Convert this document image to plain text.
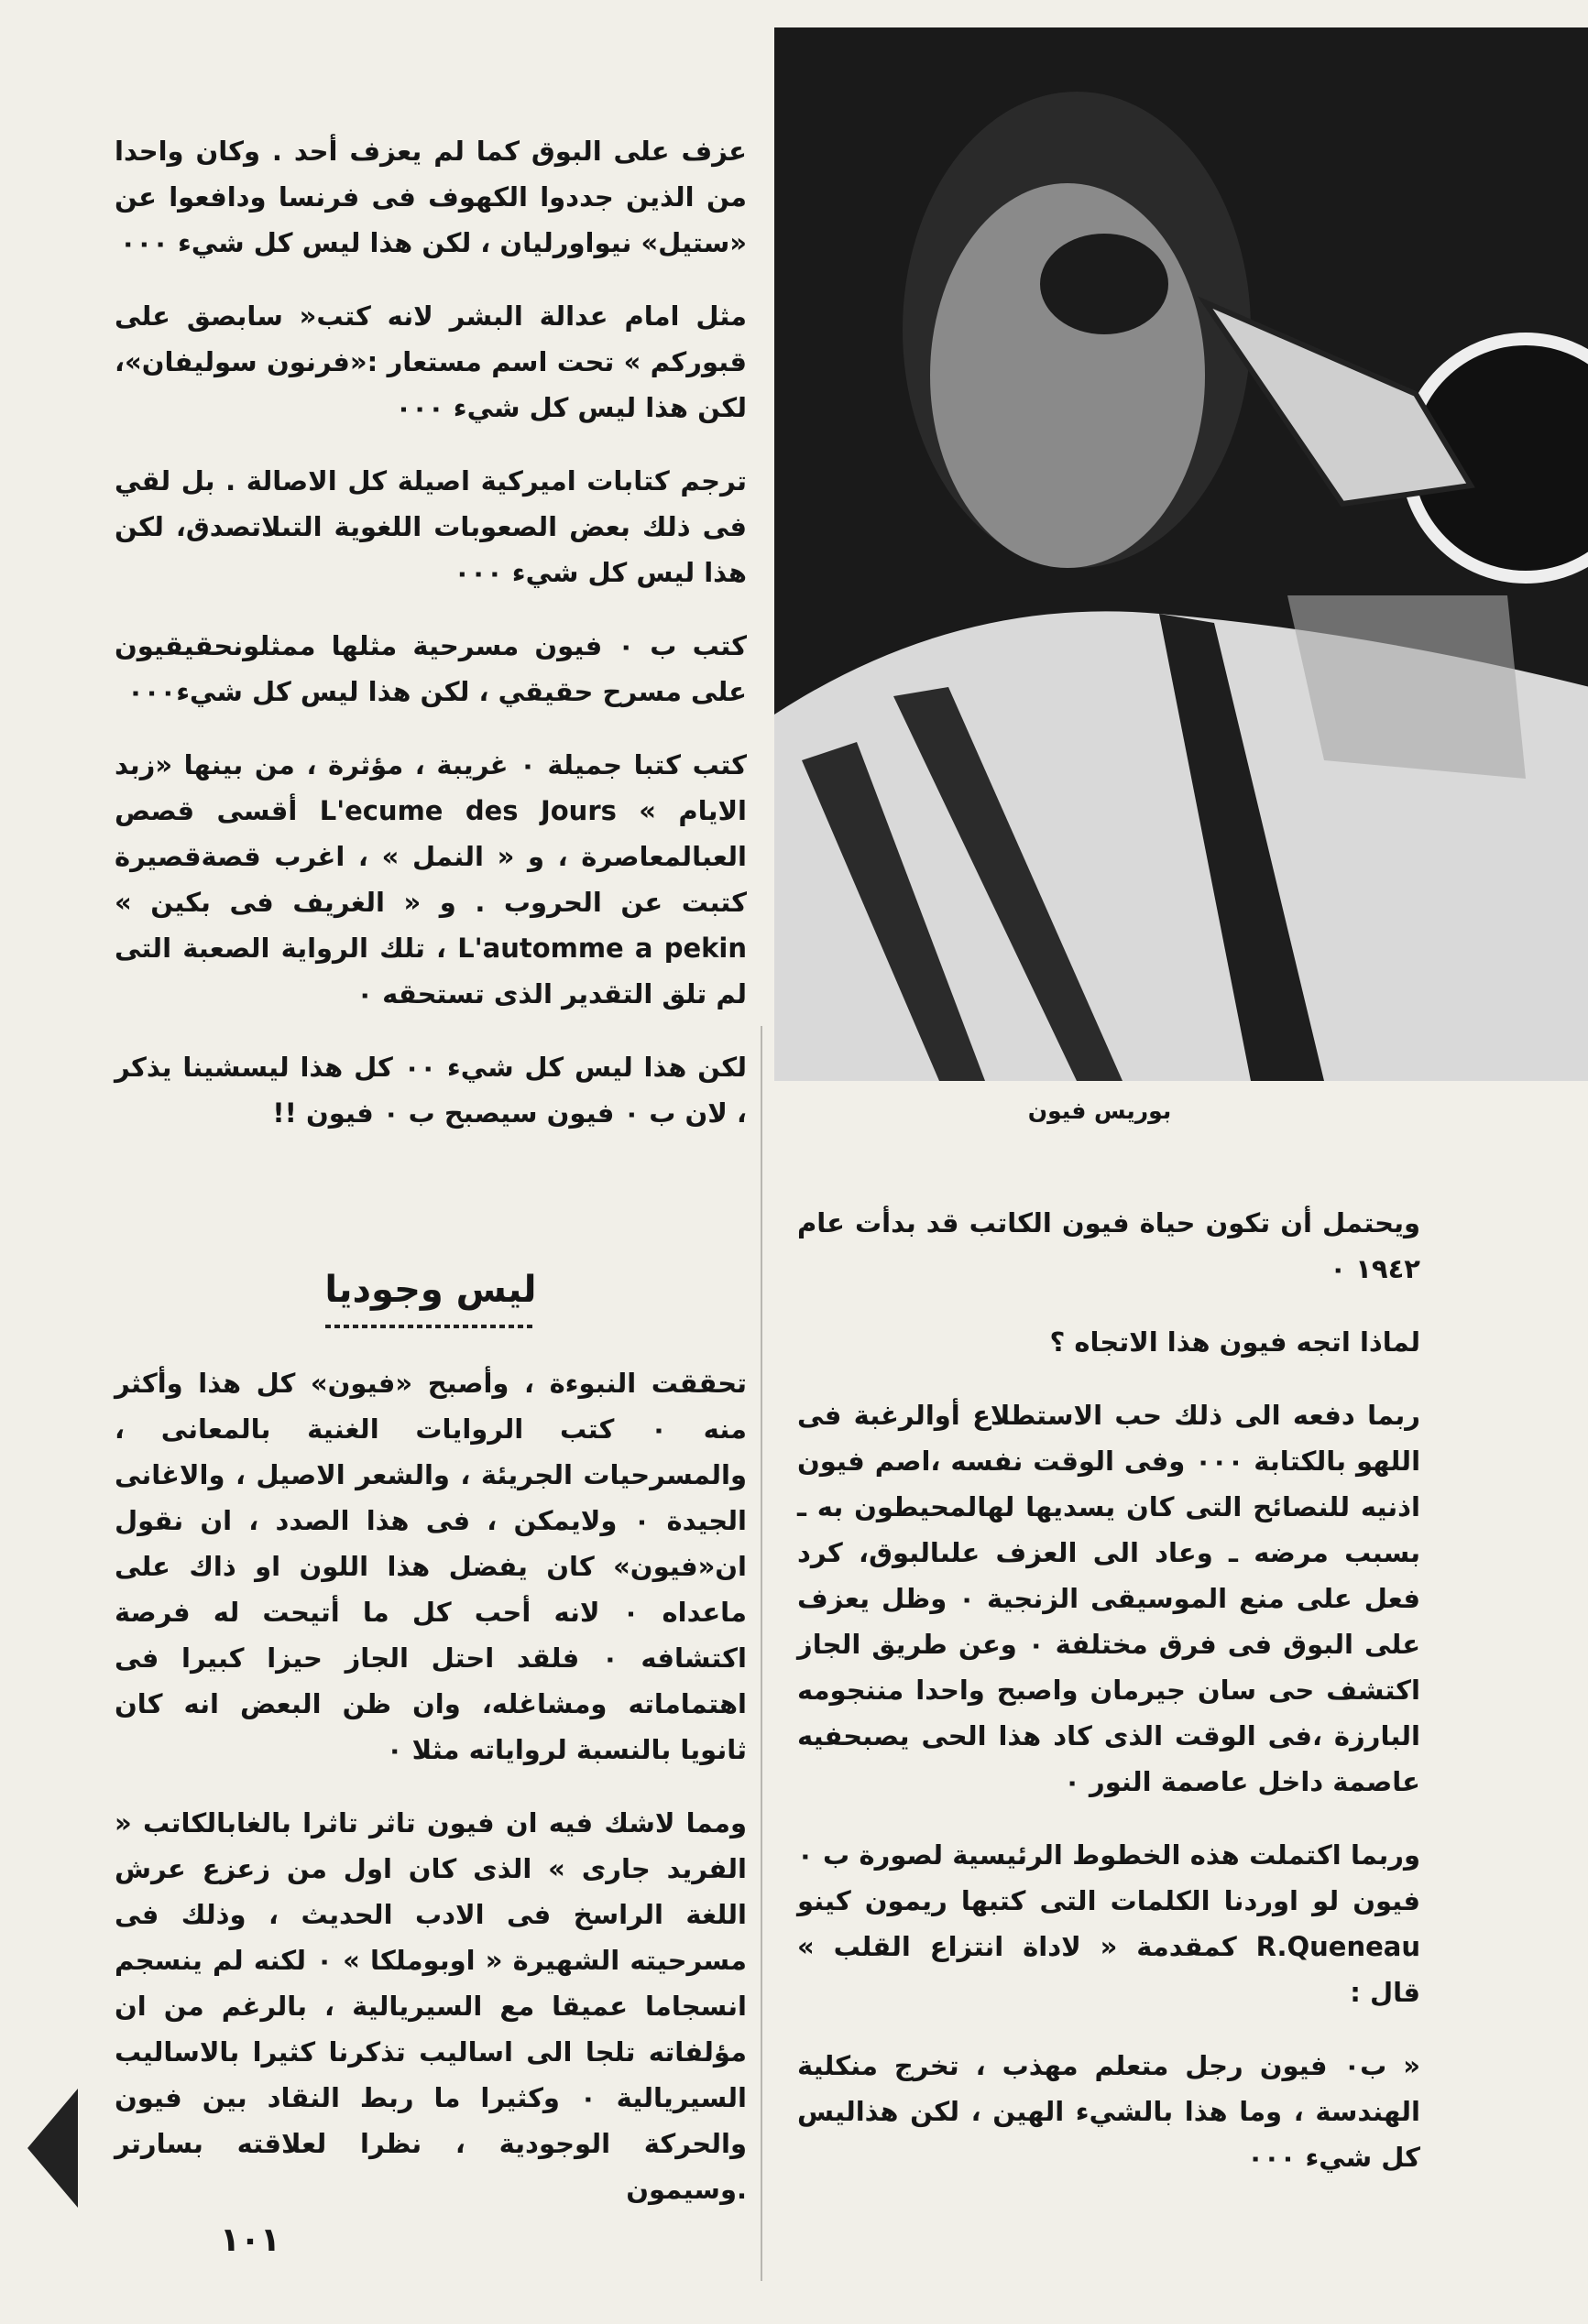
بوريس فيون

عزف على البوق كما لم يعزف أحد . وكان واحدا من الذين جددوا الكهوف فى فرنسا ودافعوا عن «ستيل» نيواورليان ، لكن هذا ليس كل شيء ٠٠٠

مثل امام عدالة البشر لانه كتب« سابصق على قبوركم » تحت اسم مستعار :«فرنون سوليفان»، لكن هذا ليس كل شيء ٠٠٠

ترجم كتابات اميركية اصيلة كل الاصالة . بل لقي فى ذلك بعض الصعوبات اللغوية التىلاتصدق، لكن هذا ليس كل شيء ٠٠٠

كتب ب ٠ فيون مسرحية مثلها ممثلونحقيقيون على مسرح حقيقي ، لكن هذا ليس كل شيء٠٠٠

كتب كتبا جميلة ٠ غريبة ، مؤثرة ، من بينها «زبد الايام » L'ecume des Jours أقسى قصص العبالمعاصرة ، و « النمل » ، اغرب قصةقصيرة كتبت عن الحروب . و « الغريف فى بكين » L'automme a pekin ، تلك الرواية الصعبة التى لم تلق التقدير الذى تستحقه ٠

لكن هذا ليس كل شيء ٠٠ كل هذا ليسشينا يذكر ، لان ب ٠ فيون سيصبح ب ٠ فيون !!

ليس وجوديا

تحققت النبوءة ، وأصبح «فيون» كل هذا وأكثر منه ٠ كتب الروايات الغنية بالمعانى ، والمسرحيات الجريئة ، والشعر الاصيل ، والاغانى الجيدة ٠ ولايمكن ، فى هذا الصدد ، ان نقول ان«فيون» كان يفضل هذا اللون او ذاك على ماعداه ٠ لانه أحب كل ما أتيحت له فرصة اكتشافه ٠ فلقد احتل الجاز حيزا كبيرا فى اهتماماته ومشاغله، وان ظن البعض انه كان ثانويا بالنسبة لرواياته مثلا ٠

ومما لاشك فيه ان فيون تاثر تاثرا بالغابالكاتب « الفريد جارى » الذى كان اول من زعزع عرش اللغة الراسخ فى الادب الحديث ، وذلك فى مسرحيته الشهيرة « اوبوملكا » ٠ لكنه لم ينسجم انسجاما عميقا مع السيريالية ، بالرغم من ان مؤلفاته تلجا الى اساليب تذكرنا كثيرا بالاساليب السيريالية ٠ وكثيرا ما ربط النقاد بين فيون والحركة الوجودية ، نظرا لعلاقته بسارتر .وسيمون

ويحتمل أن تكون حياة فيون الكاتب قد بدأت عام ١٩٤٢ ٠

لماذا اتجه فيون هذا الاتجاه ؟

ربما دفعه الى ذلك حب الاستطلاع أوالرغبة فى اللهو بالكتابة ٠٠٠ وفى الوقت نفسه ،اصم فيون اذنيه للنصائح التى كان يسديها لهالمحيطون به ـ بسبب مرضه ـ وعاد الى العزف علىالبوق، كرد فعل على منع الموسيقى الزنجية ٠ وظل يعزف على البوق فى فرق مختلفة ٠ وعن طريق الجاز اكتشف حى سان جيرمان واصبح واحدا مننجومه البارزة ،فى الوقت الذى كاد هذا الحى يصبحفيه عاصمة داخل عاصمة النور ٠

وربما اكتملت هذه الخطوط الرئيسية لصورة ب ٠ فيون لو اوردنا الكلمات التى كتبها ريمون كينو R.Queneau كمقدمة « لاداة انتزاع القلب » قال :

« ب٠ فيون رجل متعلم مهذب ، تخرج منكلية الهندسة ، وما هذا بالشيء الهين ، لكن هذاليس كل شيء ٠٠٠

١٠١
